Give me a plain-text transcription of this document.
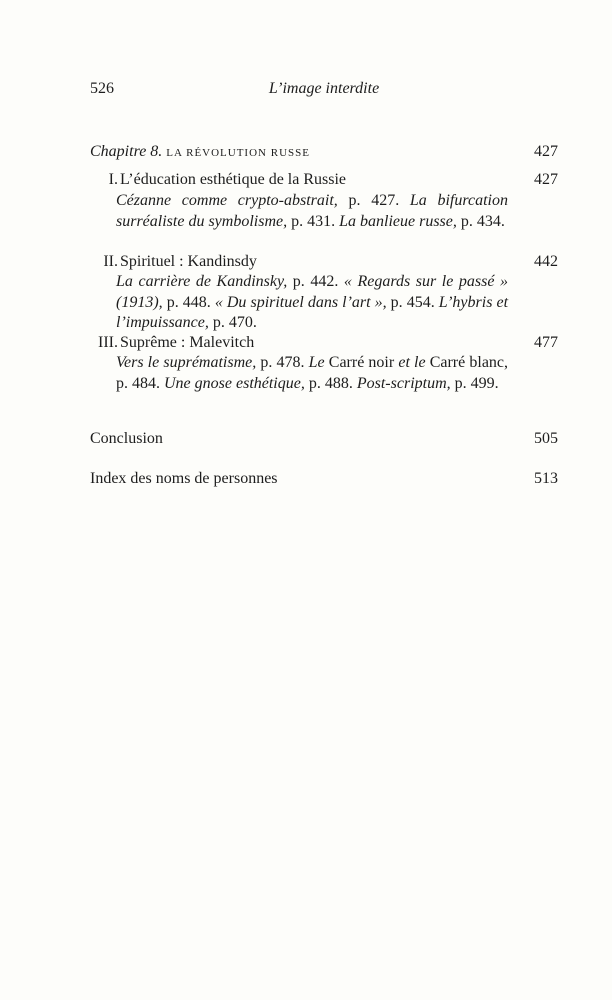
526	L’image interdite
Chapitre 8. LA RÉVOLUTION RUSSE	427
I. L’éducation esthétique de la Russie	427
Cézanne comme crypto-abstrait, p. 427. La bifurcation surréaliste du symbolisme, p. 431. La banlieue russe, p. 434.
II. Spirituel : Kandinsdy	442
La carrière de Kandinsky, p. 442. « Regards sur le passé » (1913), p. 448. « Du spirituel dans l’art », p. 454. L’hybris et l’impuissance, p. 470.
III. Suprême : Malevitch	477
Vers le suprématisme, p. 478. Le Carré noir et le Carré blanc, p. 484. Une gnose esthétique, p. 488. Post-scriptum, p. 499.
Conclusion	505
Index des noms de personnes	513
